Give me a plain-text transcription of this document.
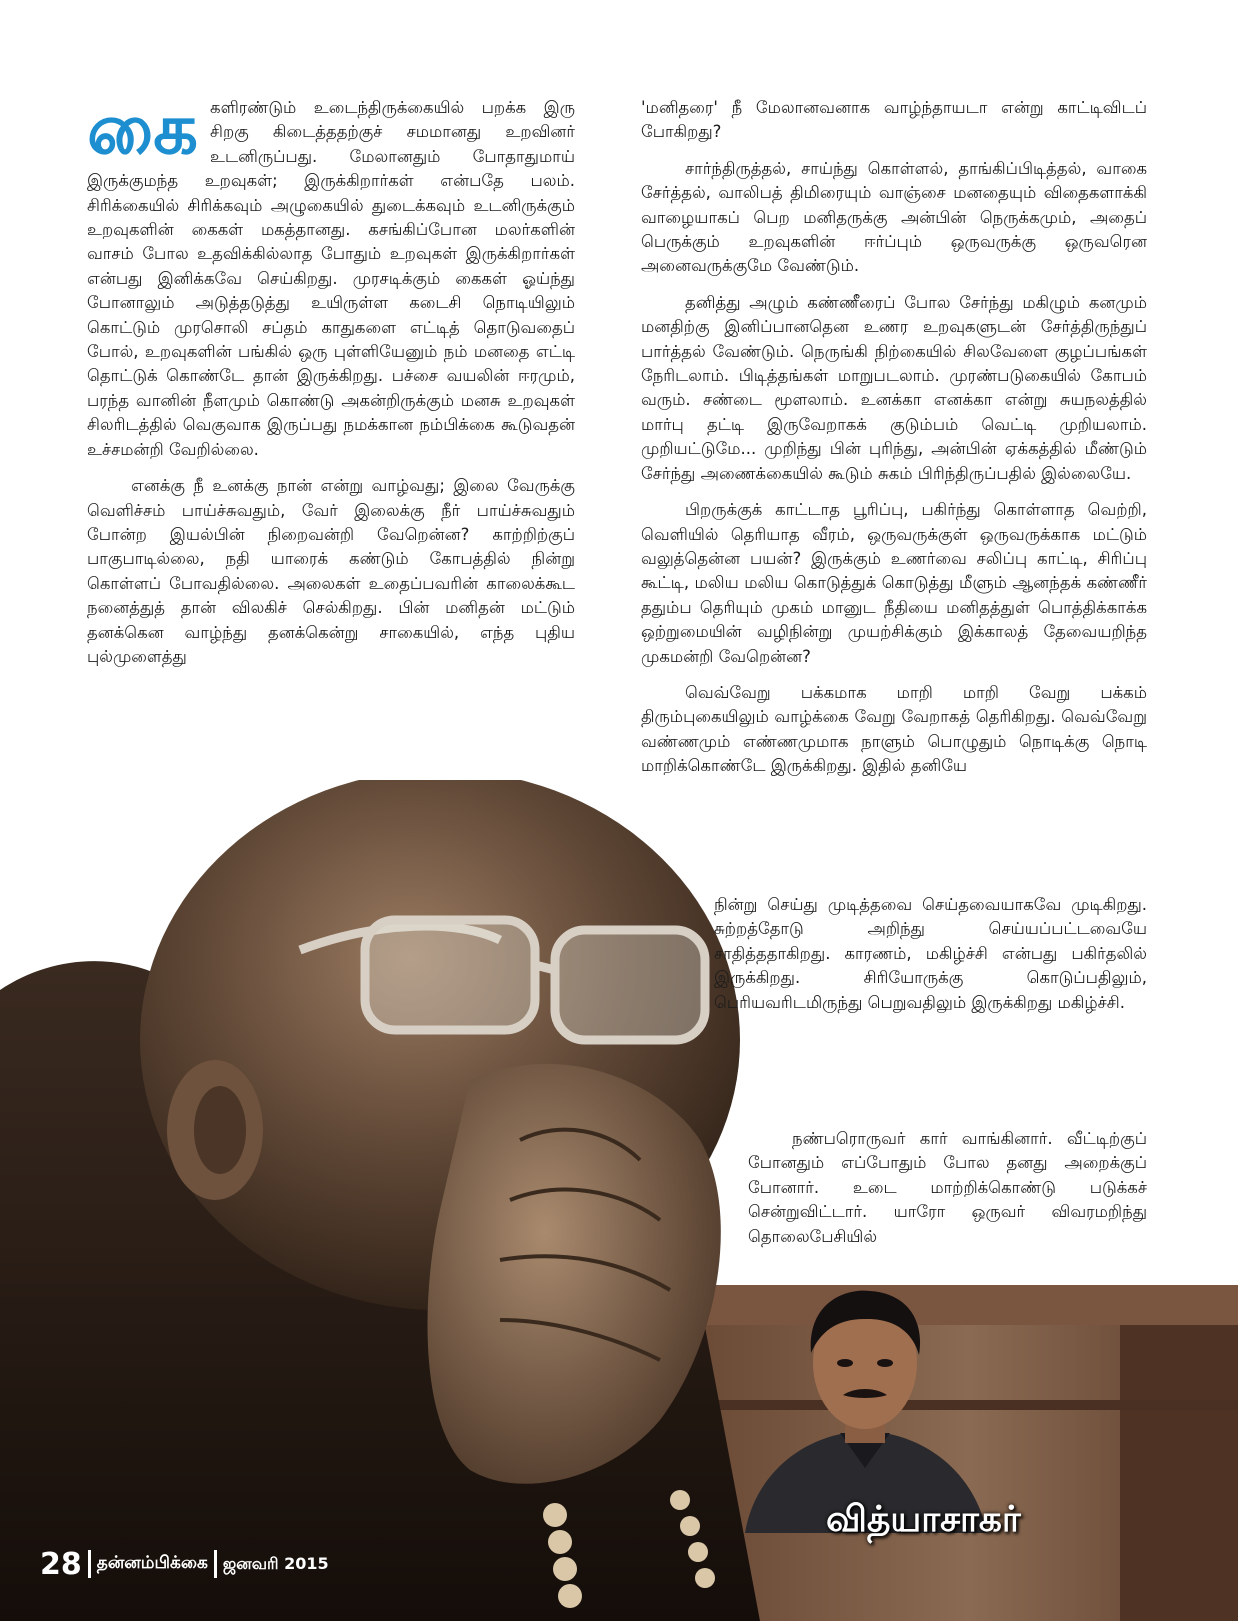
கைகளிரண்டும் உடைந்திருக்கையில் பறக்க இரு சிறகு கிடைத்ததற்குச் சமமானது உறவினர் உடனிருப்பது. மேலானதும் போதாதுமாய் இருக்குமந்த உறவுகள்; இருக்கிறார்கள் என்பதே பலம். சிரிக்கையில் சிரிக்கவும் அழுகையில் துடைக்கவும் உடனிருக்கும் உறவுகளின் கைகள் மகத்தானது. கசங்கிப்போன மலர்களின் வாசம் போல உதவிக்கில்லாத போதும் உறவுகள் இருக்கிறார்கள் என்பது இனிக்கவே செய்கிறது. முரசடிக்கும் கைகள் ஓய்ந்து போனாலும் அடுத்தடுத்து உயிருள்ள கடைசி நொடியிலும் கொட்டும் முரசொலி சப்தம் காதுகளை எட்டித் தொடுவதைப் போல், உறவுகளின் பங்கில் ஒரு புள்ளியேனும் நம் மனதை எட்டி தொட்டுக் கொண்டே தான் இருக்கிறது. பச்சை வயலின் ஈரமும், பரந்த வானின் நீளமும் கொண்டு அகன்றிருக்கும் மனசு உறவுகள் சிலரிடத்தில் வெகுவாக இருப்பது நமக்கான நம்பிக்கை கூடுவதன் உச்சமன்றி வேறில்லை.

எனக்கு நீ உனக்கு நான் என்று வாழ்வது; இலை வேருக்கு வெளிச்சம் பாய்ச்சுவதும், வேர் இலைக்கு நீர் பாய்ச்சுவதும் போன்ற இயல்பின் நிறைவன்றி வேறென்ன? காற்றிற்குப் பாகுபாடில்லை, நதி யாரைக் கண்டும் கோபத்தில் நின்று கொள்ளப் போவதில்லை. அலைகள் உதைப்பவரின் காலைக்கூட நனைத்துத் தான் விலகிச் செல்கிறது. பின் மனிதன் மட்டும் தனக்கென வாழ்ந்து தனக்கென்று சாகையில், எந்த புதிய புல்முளைத்து

'மனிதரை' நீ மேலானவனாக வாழ்ந்தாயடா என்று காட்டிவிடப் போகிறது?

சார்ந்திருத்தல், சாய்ந்து கொள்ளல், தாங்கிப்பிடித்தல், வாகை சேர்த்தல், வாலிபத் திமிரையும் வாஞ்சை மனதையும் விதைகளாக்கி வாழையாகப் பெற மனிதருக்கு அன்பின் நெருக்கமும், அதைப் பெருக்கும் உறவுகளின் ஈர்ப்பும் ஒருவருக்கு ஒருவரென அனைவருக்குமே வேண்டும்.

தனித்து அழும் கண்ணீரைப் போல சேர்ந்து மகிழும் கனமும் மனதிற்கு இனிப்பானதென உணர உறவுகளுடன் சேர்த்திருந்துப் பார்த்தல் வேண்டும். நெருங்கி நிற்கையில் சிலவேளை குழப்பங்கள் நேரிடலாம். பிடித்தங்கள் மாறுபடலாம். முரண்படுகையில் கோபம் வரும். சண்டை மூளலாம். உனக்கா எனக்கா என்று சுயநலத்தில் மார்பு தட்டி இருவேறாகக் குடும்பம் வெட்டி முறியலாம். முறியட்டுமே... முறிந்து பின் புரிந்து, அன்பின் ஏக்கத்தில் மீண்டும் சேர்ந்து அணைக்கையில் கூடும் சுகம் பிரிந்திருப்பதில் இல்லையே.

பிறருக்குக் காட்டாத பூரிப்பு, பகிர்ந்து கொள்ளாத வெற்றி, வெளியில் தெரியாத வீரம், ஒருவருக்குள் ஒருவருக்காக மட்டும் வலுத்தென்ன பயன்? இருக்கும் உணர்வை சலிப்பு காட்டி, சிரிப்பு கூட்டி, மலிய மலிய கொடுத்துக் கொடுத்து மீளும் ஆனந்தக் கண்ணீர் ததும்ப தெரியும் முகம் மானுட நீதியை மனிதத்துள் பொத்திக்காக்க ஒற்றுமையின் வழிநின்று முயற்சிக்கும் இக்காலத் தேவையறிந்த முகமன்றி வேறென்ன?

வெவ்வேறு பக்கமாக மாறி மாறி வேறு பக்கம் திரும்புகையிலும் வாழ்க்கை வேறு வேறாகத் தெரிகிறது. வெவ்வேறு வண்ணமும் எண்ணமுமாக நாளும் பொழுதும் நொடிக்கு நொடி மாறிக்கொண்டே இருக்கிறது. இதில் தனியே

நின்று செய்து முடித்தவை செய்தவையாகவே முடிகிறது. சுற்றத்தோடு அறிந்து செய்யப்பட்டவையே சாதித்ததாகிறது. காரணம், மகிழ்ச்சி என்பது பகிர்தலில் இருக்கிறது. சிரியோருக்கு கொடுப்பதிலும், பெரியவரிடமிருந்து பெறுவதிலும் இருக்கிறது மகிழ்ச்சி.

நண்பரொருவர் கார் வாங்கினார். வீட்டிற்குப் போனதும் எப்போதும் போல தனது அறைக்குப் போனார். உடை மாற்றிக்கொண்டு படுக்கச் சென்றுவிட்டார். யாரோ ஒருவர் விவரமறிந்து தொலைபேசியில்

வித்யாசாகர்
28 தன்னம்பிக்கை ஜனவரி 2015
